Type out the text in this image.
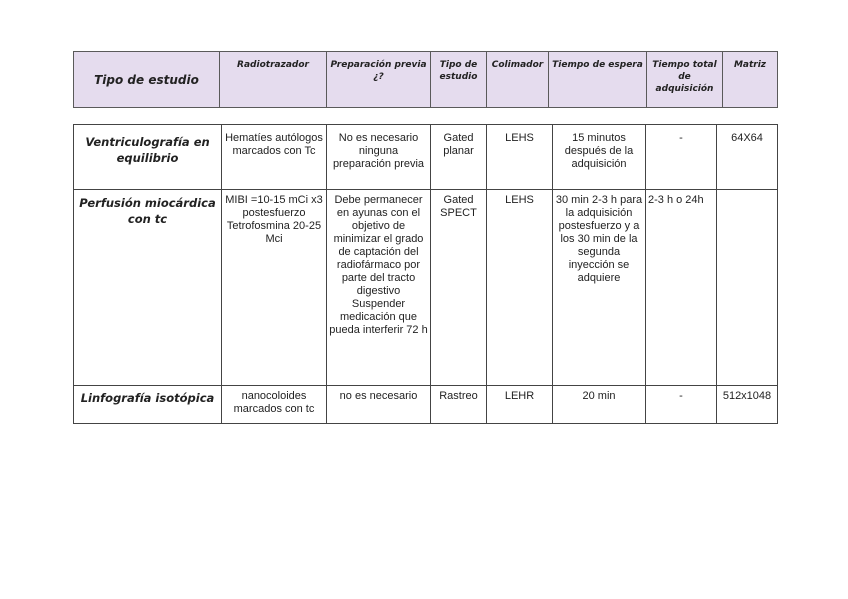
Tipo de estudio	Radiotrazador	Preparación previa ¿?	Tipo de estudio	Colimador	Tiempo de espera	Tiempo total de adquisición	Matriz

Ventriculografía en equilibrio	Hematíes autólogos marcados con Tc	No es necesario ninguna preparación previa	Gated planar	LEHS	15 minutos después de la adquisición	-	64X64
Perfusión miocárdica con tc	MIBI =10-15 mCi x3 postesfuerzo Tetrofosmina 20-25 Mci	Debe permanecer en ayunas con el objetivo de minimizar el grado de captación del radiofármaco por parte del tracto digestivo Suspender medicación que pueda interferir 72 h	Gated SPECT	LEHS	30 min 2-3 h para la adquisición postesfuerzo y a los 30 min de la segunda inyección se adquiere	2-3 h o 24h	
Linfografía isotópica	nanocoloides marcados con tc	no es necesario	Rastreo	LEHR	20 min	-	512x1048
